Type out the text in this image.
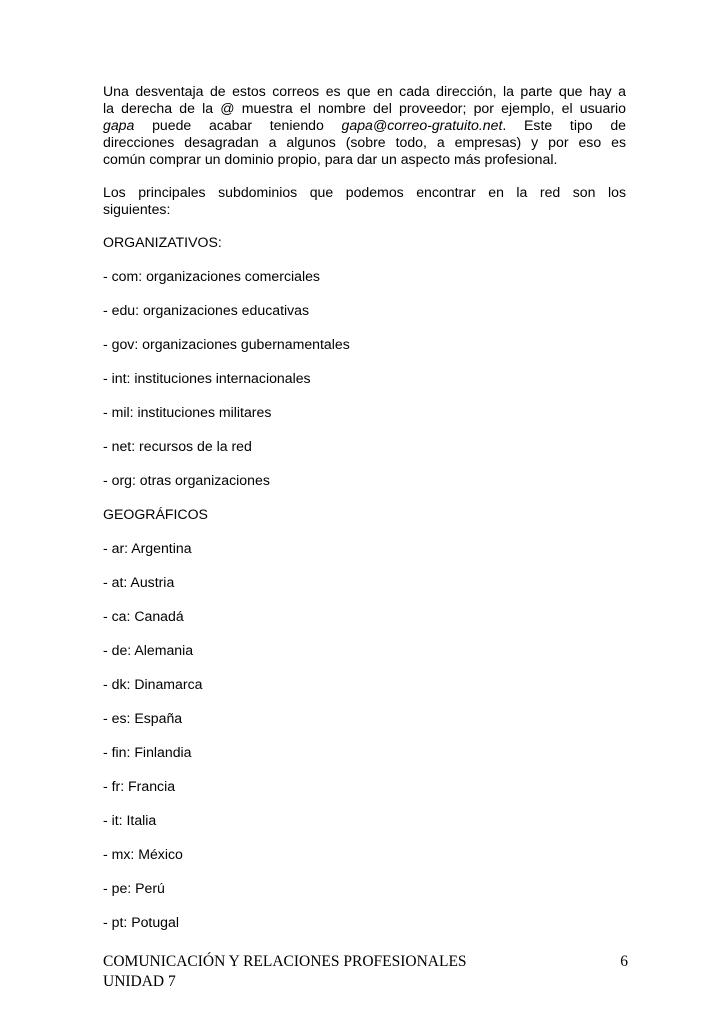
Una desventaja de estos correos es que en cada dirección, la parte que hay a
la derecha de la @ muestra el nombre del proveedor; por ejemplo, el usuario
gapa puede acabar teniendo gapa@correo-gratuito.net. Este tipo de
direcciones desagradan a algunos (sobre todo, a empresas) y por eso es
común comprar un dominio propio, para dar un aspecto más profesional.
Los principales subdominios que podemos encontrar en la red son los
siguientes:
ORGANIZATIVOS:
- com: organizaciones comerciales
- edu: organizaciones educativas
- gov: organizaciones gubernamentales
- int: instituciones internacionales
- mil: instituciones militares
- net: recursos de la red
- org: otras organizaciones
GEOGRÁFICOS
- ar: Argentina
- at: Austria
- ca: Canadá
- de: Alemania
- dk: Dinamarca
- es: España
- fin: Finlandia
- fr: Francia
- it: Italia
- mx: México
- pe: Perú
- pt: Potugal
COMUNICACIÓN Y RELACIONES PROFESIONALES	6
UNIDAD 7
